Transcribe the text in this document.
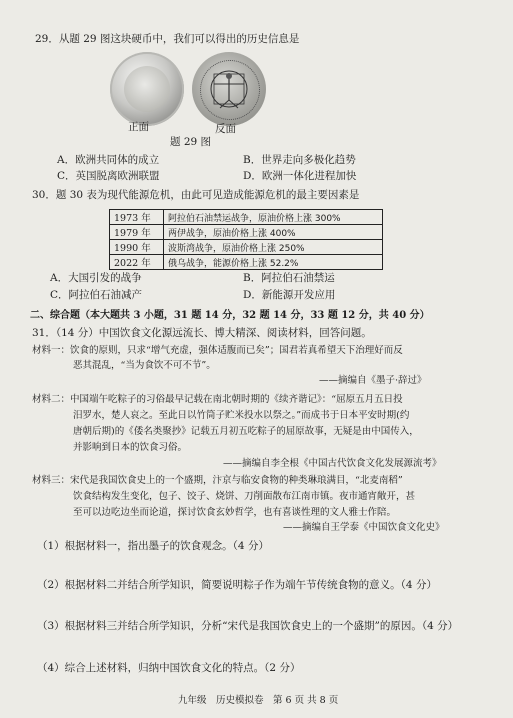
29．从题 29 图这块硬币中，我们可以得出的历史信息是
正面	反面
题 29 图
A．欧洲共同体的成立	B．世界走向多极化趋势
C．英国脱离欧洲联盟	D．欧洲一体化进程加快
30．题 30 表为现代能源危机，由此可见造成能源危机的最主要因素是
1973 年	阿拉伯石油禁运战争，原油价格上涨 300%
1979 年	两伊战争，原油价格上涨 400%
1990 年	波斯湾战争，原油价格上涨 250%
2022 年	俄乌战争，能源价格上涨 52.2%
A．大国引发的战争	B．阿拉伯石油禁运
C．阿拉伯石油减产	D．新能源开发应用
二、综合题（本大题共 3 小题，31 题 14 分，32 题 14 分，33 题 12 分，共 40 分）
31．（14 分）中国饮食文化源远流长、博大精深、阅读材料，回答问题。
材料一：饮食的原则，只求“增气充虚，强体适腹而已矣”；国君若真希望天下治理好而反
恶其混乱，“当为食饮不可不节”。
——摘编自《墨子·辞过》
材料二：中国端午吃粽子的习俗最早记载在南北朝时期的《续齐谐记》：“屈原五月五日投
汨罗水，楚人哀之。至此日以竹筒子贮米投水以祭之。”而成书于日本平安时期(约
唐朝后期)的《倭名类聚抄》记载五月初五吃粽子的屈原故事，无疑是由中国传入，
并影响到日本的饮食习俗。
——摘编自李全根《中国古代饮食文化发展源流考》
材料三：宋代是我国饮食史上的一个盛期，汴京与临安食物的种类琳琅满目，“北麦南稻”
饮食结构发生变化，包子、饺子、烧饼、刀削面散布江南市镇。夜市通宵敞开，甚
至可以边吃边坐而论道，探讨饮食玄妙哲学，也有喜谈性理的文人雅士作陪。
——摘编自王学泰《中国饮食文化史》
（1）根据材料一，指出墨子的饮食观念。（4 分）
（2）根据材料二并结合所学知识，简要说明粽子作为端午节传统食物的意义。（4 分）
（3）根据材料三并结合所学知识，分析“宋代是我国饮食史上的一个盛期”的原因。（4 分）
（4）综合上述材料，归纳中国饮食文化的特点。（2 分）
九年级　历史模拟卷　第 6 页 共 8 页
